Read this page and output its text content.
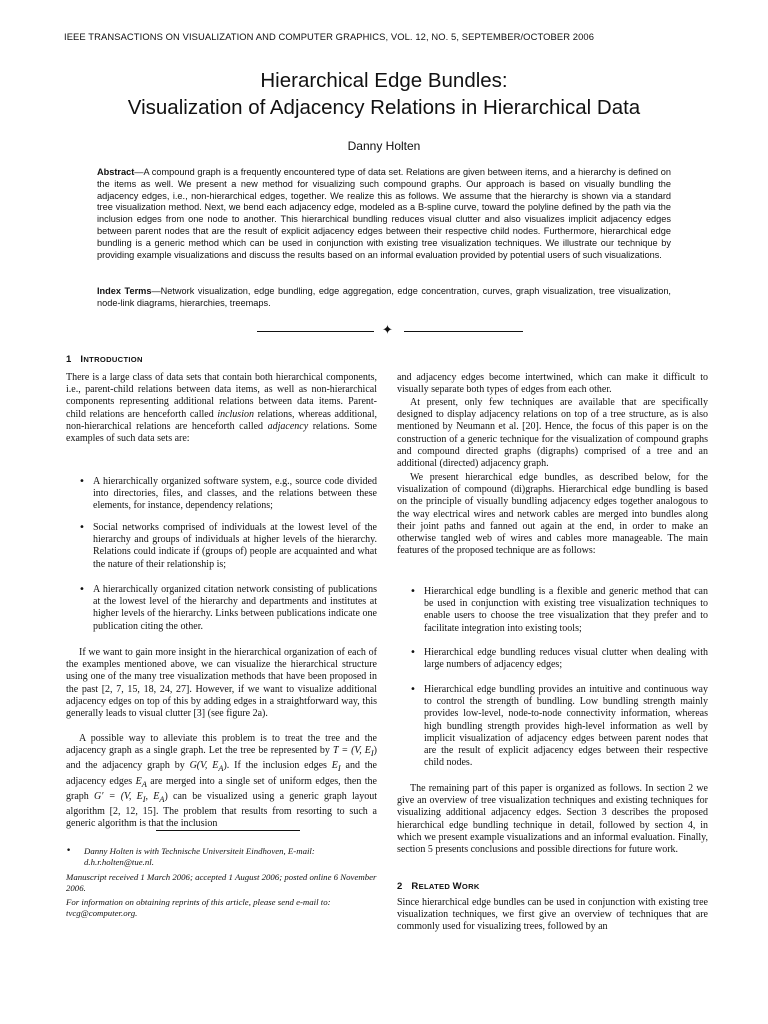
IEEE TRANSACTIONS ON VISUALIZATION AND COMPUTER GRAPHICS, VOL. 12, NO. 5, SEPTEMBER/OCTOBER 2006
Hierarchical Edge Bundles:
Visualization of Adjacency Relations in Hierarchical Data
Danny Holten
Abstract—A compound graph is a frequently encountered type of data set. Relations are given between items, and a hierarchy is defined on the items as well. We present a new method for visualizing such compound graphs. Our approach is based on visually bundling the adjacency edges, i.e., non-hierarchical edges, together. We realize this as follows. We assume that the hierarchy is shown via a standard tree visualization method. Next, we bend each adjacency edge, modeled as a B-spline curve, toward the polyline defined by the path via the inclusion edges from one node to another. This hierarchical bundling reduces visual clutter and also visualizes implicit adjacency edges between parent nodes that are the result of explicit adjacency edges between their respective child nodes. Furthermore, hierarchical edge bundling is a generic method which can be used in conjunction with existing tree visualization techniques. We illustrate our technique by providing example visualizations and discuss the results based on an informal evaluation provided by potential users of such visualizations.
Index Terms—Network visualization, edge bundling, edge aggregation, edge concentration, curves, graph visualization, tree visualization, node-link diagrams, hierarchies, treemaps.
✦
1 INTRODUCTION

There is a large class of data sets that contain both hierarchical components, i.e., parent-child relations between data items, as well as non-hierarchical components representing additional relations between data items. Parent-child relations are henceforth called inclusion relations, whereas additional, non-hierarchical relations are henceforth called adjacency relations. Some examples of such data sets are:

• A hierarchically organized software system, e.g., source code divided into directories, files, and classes, and the relations between these elements, for instance, dependency relations;
• Social networks comprised of individuals at the lowest level of the hierarchy and groups of individuals at higher levels of the hierarchy. Relations could indicate if (groups of) people are acquainted and what the nature of their relationship is;
• A hierarchically organized citation network consisting of publications at the lowest level of the hierarchy and departments and institutes at higher levels of the hierarchy. Links between publications indicate one publication citing the other.

If we want to gain more insight in the hierarchical organization of each of the examples mentioned above, we can visualize the hierarchical structure using one of the many tree visualization methods that have been proposed in the past [2, 7, 15, 18, 24, 27]. However, if we want to visualize additional adjacency edges on top of this by adding edges in a straightforward way, this generally leads to visual clutter [3] (see figure 2a).

A possible way to alleviate this problem is to treat the tree and the adjacency graph as a single graph. Let the tree be represented by T = (V, $E_I$) and the adjacency graph by G(V, $E_A$). If the inclusion edges $E_I$ and the adjacency edges $E_A$ are merged into a single set of uniform edges, then the graph G′ = (V, $E_I$, $E_A$) can be visualized using a generic graph layout algorithm [2, 12, 15]. The problem that results from resorting to such a generic algorithm is that the inclusion

•	Danny Holten is with Technische Universiteit Eindhoven, E-mail: d.h.r.holten@tue.nl.
Manuscript received 1 March 2006; accepted 1 August 2006; posted online 6 November 2006.
For information on obtaining reprints of this article, please send e-mail to: tvcg@computer.org.

and adjacency edges become intertwined, which can make it difficult to visually separate both types of edges from each other.

At present, only few techniques are available that are specifically designed to display adjacency relations on top of a tree structure, as is also mentioned by Neumann et al. [20]. Hence, the focus of this paper is on the construction of a generic technique for the visualization of compound graphs and compound directed graphs (digraphs) comprised of a tree and an additional (directed) adjacency graph.

We present hierarchical edge bundles, as described below, for the visualization of compound (di)graphs. Hierarchical edge bundling is based on the principle of visually bundling adjacency edges together analogous to the way electrical wires and network cables are merged into bundles along their joint paths and fanned out again at the end, in order to make an otherwise tangled web of wires and cables more manageable. The main features of the proposed technique are as follows:

• Hierarchical edge bundling is a flexible and generic method that can be used in conjunction with existing tree visualization techniques to enable users to choose the tree visualization that they prefer and to facilitate integration into existing tools;
• Hierarchical edge bundling reduces visual clutter when dealing with large numbers of adjacency edges;
• Hierarchical edge bundling provides an intuitive and continuous way to control the strength of bundling. Low bundling strength mainly provides low-level, node-to-node connectivity information, whereas high bundling strength provides high-level information as well by implicit visualization of adjacency edges between parent nodes that are the result of explicit adjacency edges between their respective child nodes.

The remaining part of this paper is organized as follows. In section 2 we give an overview of tree visualization techniques and existing techniques for visualizing additional adjacency edges. Section 3 describes the proposed hierarchical edge bundling technique in detail, followed by section 4, in which we present example visualizations and an informal evaluation. Finally, section 5 presents conclusions and possible directions for future work.

2 RELATED WORK

Since hierarchical edge bundles can be used in conjunction with existing tree visualization techniques, we first give an overview of techniques that are commonly used for visualizing trees, followed by an
